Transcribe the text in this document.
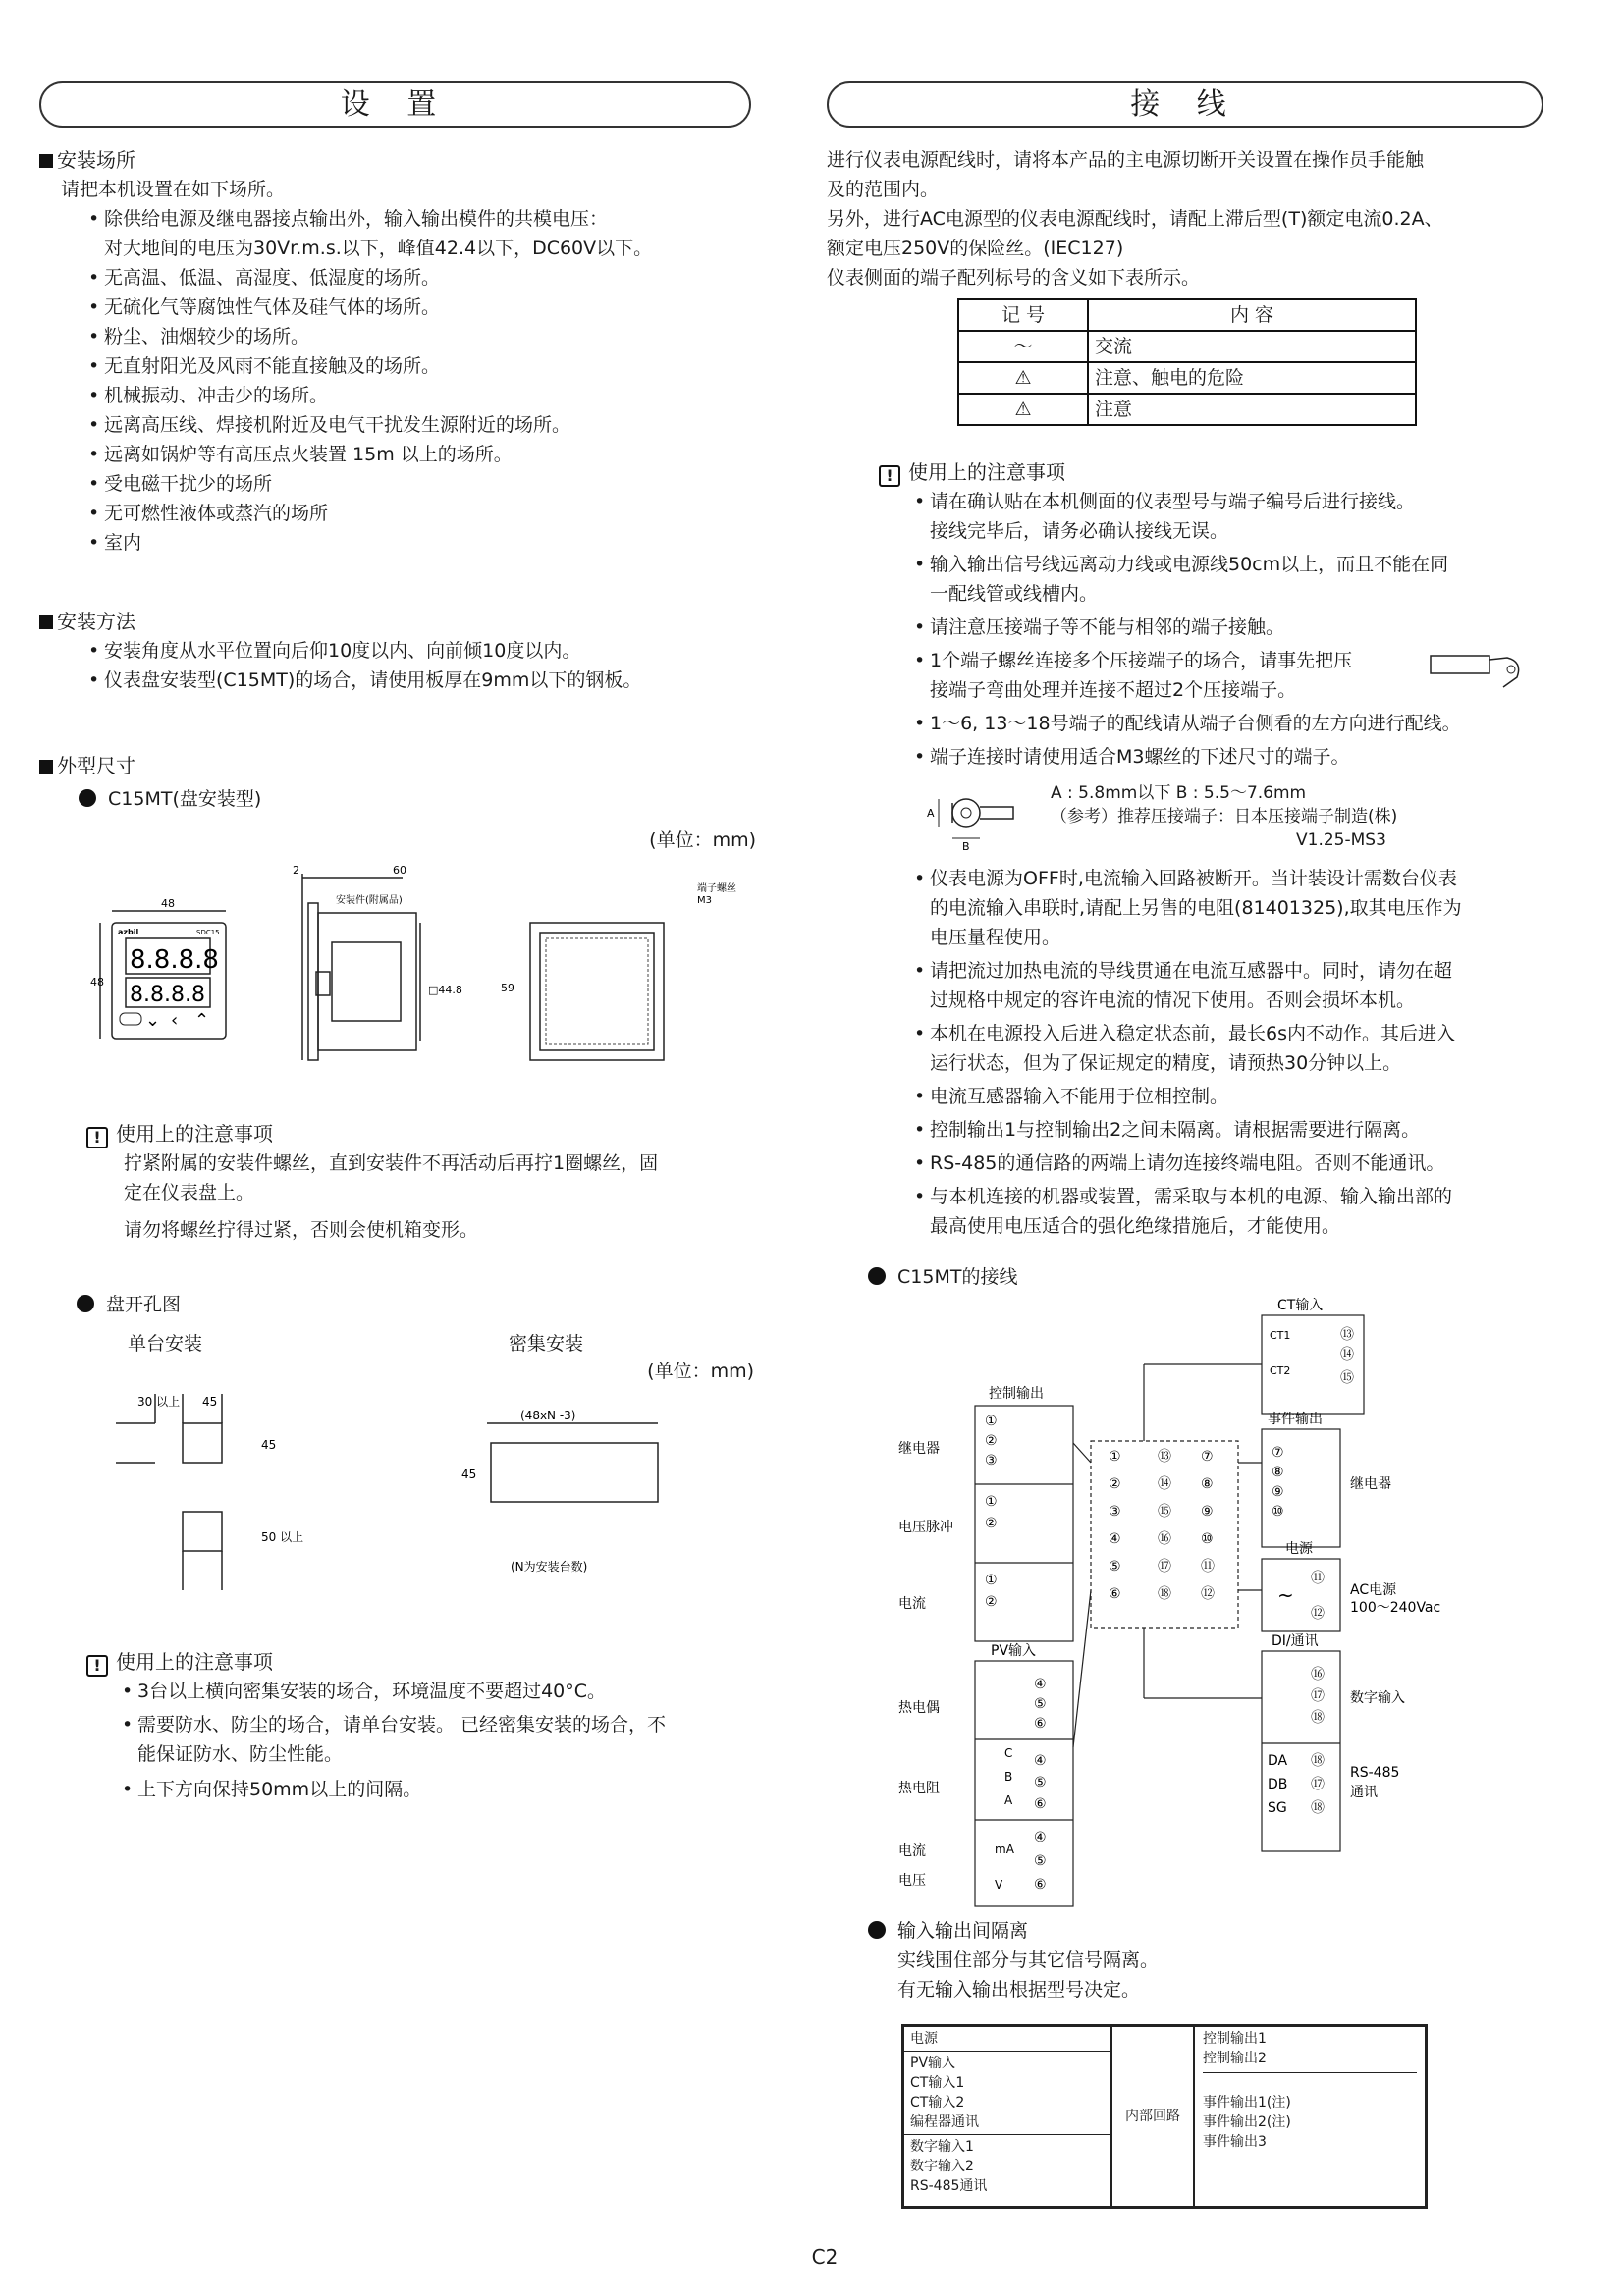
设 置	接 线
安装场所
请把本机设置在如下场所。
• 除供给电源及继电器接点输出外，输入输出模件的共模电压：
对大地间的电压为30Vr.m.s.以下，峰值42.4以下，DC60V以下。
• 无高温、低温、高湿度、低湿度的场所。
• 无硫化气等腐蚀性气体及硅气体的场所。
• 粉尘、油烟较少的场所。
• 无直射阳光及风雨不能直接触及的场所。
• 机械振动、冲击少的场所。
• 远离高压线、焊接机附近及电气干扰发生源附近的场所。
• 远离如锅炉等有高压点火装置 15m 以上的场所。
• 受电磁干扰少的场所
• 无可燃性液体或蒸汽的场所
• 室内
安装方法
• 安装角度从水平位置向后仰10度以内、向前倾10度以内。
• 仪表盘安装型(C15MT)的场合，请使用板厚在9mm以下的钢板。
外型尺寸
C15MT(盘安装型)
(单位：mm)
48
48
azbil	SDC15
8.8.8.8
8.8.8.8
⌄ ‹ ⌃
2	60
安装件(附属品)
□44.8	59
端子螺丝
M3
! 使用上的注意事项
拧紧附属的安装件螺丝，直到安装件不再活动后再拧1圈螺丝，固
定在仪表盘上。
请勿将螺丝拧得过紧，否则会使机箱变形。
盘开孔图
单台安装	密集安装
(单位：mm)
30 以上 45
45
50 以上
(48xN -3)
45
(N为安装台数)
! 使用上的注意事项
• 3台以上横向密集安装的场合，环境温度不要超过40°C。
• 需要防水、防尘的场合，请单台安装。 已经密集安装的场合，不
能保证防水、防尘性能。
• 上下方向保持50mm以上的间隔。
进行仪表电源配线时，请将本产品的主电源切断开关设置在操作员手能触
及的范围内。
另外，进行AC电源型的仪表电源配线时，请配上滞后型(T)额定电流0.2A、
额定电压250V的保险丝。(IEC127)
仪表侧面的端子配列标号的含义如下表所示。
记 号	内 容
～	交流
⚠	注意、触电的危险
⚠	注意
! 使用上的注意事项
• 请在确认贴在本机侧面的仪表型号与端子编号后进行接线。
接线完毕后，请务必确认接线无误。
• 输入输出信号线远离动力线或电源线50cm以上，而且不能在同
一配线管或线槽内。
• 请注意压接端子等不能与相邻的端子接触。
• 1个端子螺丝连接多个压接端子的场合，请事先把压
接端子弯曲处理并连接不超过2个压接端子。
• 1～6, 13～18号端子的配线请从端子台侧看的左方向进行配线。
• 端子连接时请使用适合M3螺丝的下述尺寸的端子。
A
B
A : 5.8mm以下 B : 5.5～7.6mm
（参考）推荐压接端子：日本压接端子制造(株)
V1.25-MS3
• 仪表电源为OFF时,电流输入回路被断开。当计装设计需数台仪表
的电流输入串联时,请配上另售的电阻(81401325),取其电压作为
电压量程使用。
• 请把流过加热电流的导线贯通在电流互感器中。同时，请勿在超
过规格中规定的容许电流的情况下使用。否则会损坏本机。
• 本机在电源投入后进入稳定状态前，最长6s内不动作。其后进入
运行状态，但为了保证规定的精度，请预热30分钟以上。
• 电流互感器输入不能用于位相控制。
• 控制输出1与控制输出2之间未隔离。请根据需要进行隔离。
• RS-485的通信路的两端上请勿连接终端电阻。否则不能通讯。
• 与本机连接的机器或装置，需采取与本机的电源、输入输出部的
最高使用电压适合的强化绝缘措施后，才能使用。
C15MT的接线
①
②
③
④
⑤
⑥
⑬
⑭
⑮
⑯
⑰
⑱
⑦
⑧
⑨
⑩
⑪
⑫
①
②
③
①
②
①
②
④
⑤
⑥
④
⑤
⑥
④
⑤
⑥
⑬
⑭
⑮
⑦
⑧
⑨
⑩
⑪
⑫
⑯
⑰
⑱
⑱
⑰
⑱
CT输入
CT1
CT2
控制输出
继电器
电压脉冲
电流
事件输出
继电器
电源
AC电源
100～240Vac
PV输入
热电偶
热电阻
电流
电压
DI/通讯
数字输入
RS-485
通讯
DA
DB
SG
mA
V
C
B
A
~
输入输出间隔离
实线围住部分与其它信号隔离。
有无输入输出根据型号决定。
电源
PV输入
CT输入1
CT输入2
编程器通讯
数字输入1
数字输入2
RS-485通讯
内部回路
控制输出1
控制输出2
事件输出1(注)
事件输出2(注)
事件输出3
C2
